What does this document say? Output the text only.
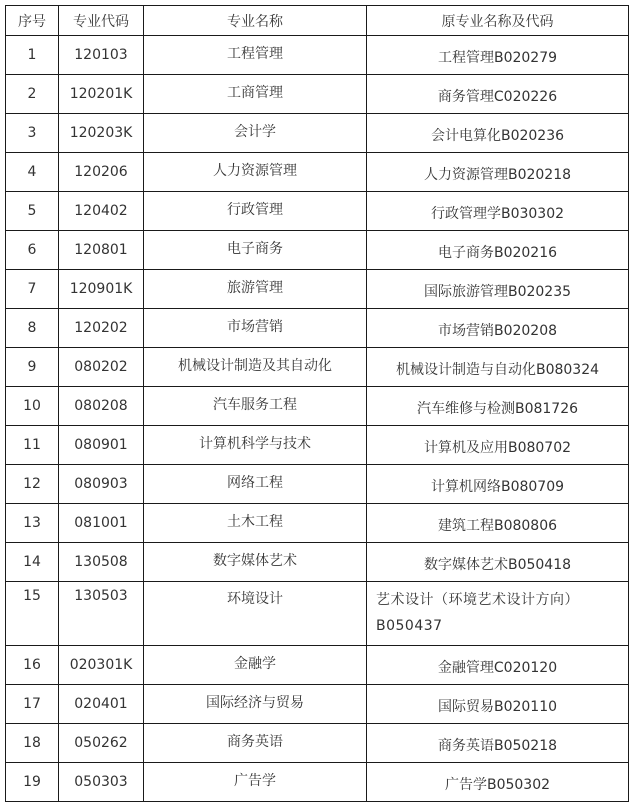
序号	专业代码	专业名称	原专业名称及代码
1	120103	工程管理	工程管理B020279
2	120201K	工商管理	商务管理C020226
3	120203K	会计学	会计电算化B020236
4	120206	人力资源管理	人力资源管理B020218
5	120402	行政管理	行政管理学B030302
6	120801	电子商务	电子商务B020216
7	120901K	旅游管理	国际旅游管理B020235
8	120202	市场营销	市场营销B020208
9	080202	机械设计制造及其自动化	机械设计制造与自动化B080324
10	080208	汽车服务工程	汽车维修与检测B081726
11	080901	计算机科学与技术	计算机及应用B080702
12	080903	网络工程	计算机网络B080709
13	081001	土木工程	建筑工程B080806
14	130508	数字媒体艺术	数字媒体艺术B050418
15	130503	环境设计	艺术设计（环境艺术设计方向）B050437
16	020301K	金融学	金融管理C020120
17	020401	国际经济与贸易	国际贸易B020110
18	050262	商务英语	商务英语B050218
19	050303	广告学	广告学B050302
